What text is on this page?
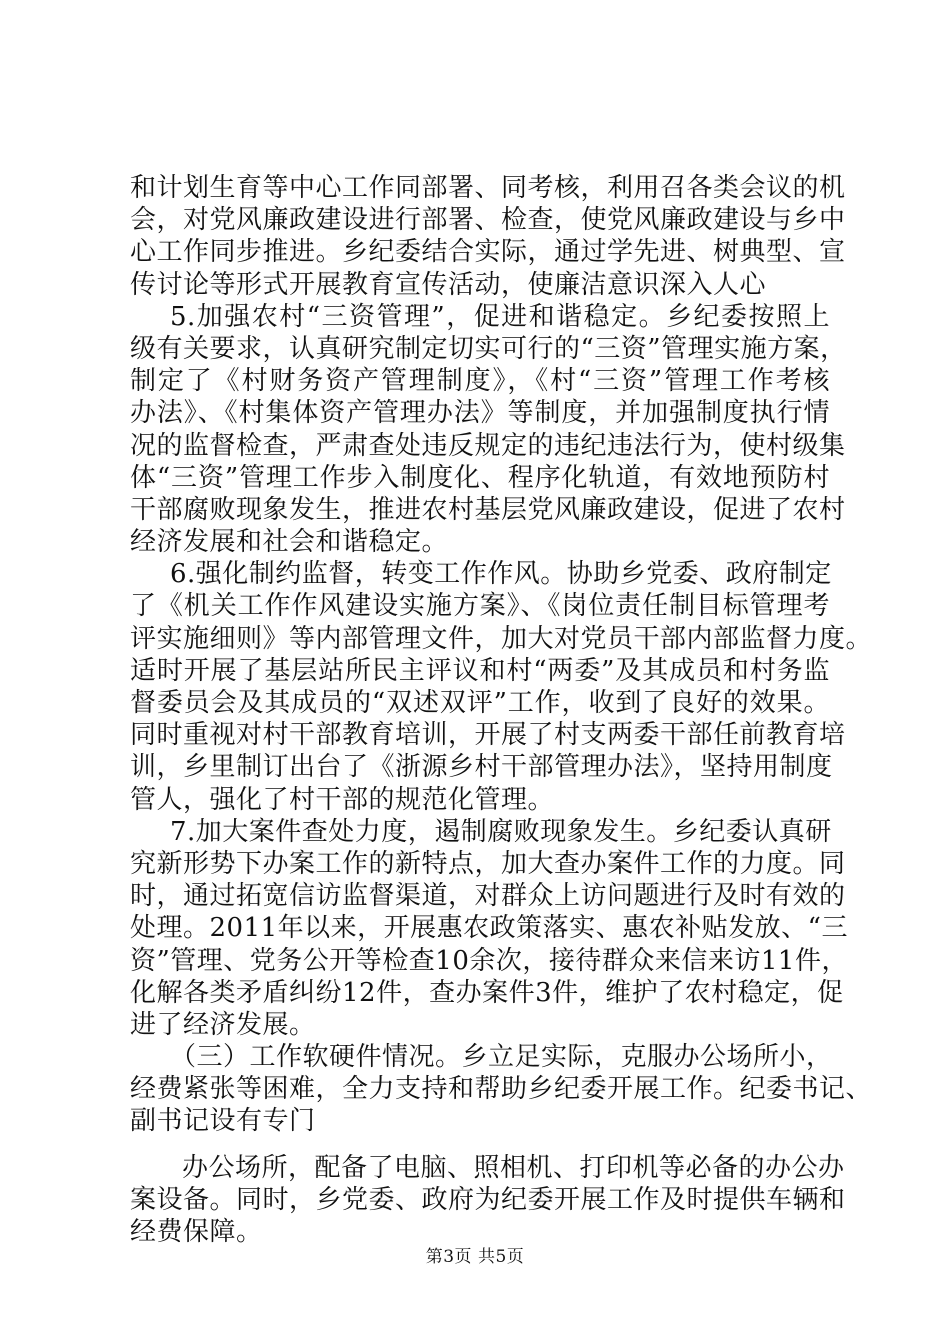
和计划生育等中心工作同部署、同考核，利用召各类会议的机
会，对党风廉政建设进行部署、检查，使党风廉政建设与乡中
心工作同步推进。乡纪委结合实际，通过学先进、树典型、宣
传讨论等形式开展教育宣传活动，使廉洁意识深入人心
5.加强农村“三资管理”，促进和谐稳定。乡纪委按照上
级有关要求，认真研究制定切实可行的“三资”管理实施方案，
制定了《村财务资产管理制度》，《村“三资”管理工作考核
办法》、《村集体资产管理办法》等制度，并加强制度执行情
况的监督检查，严肃查处违反规定的违纪违法行为，使村级集
体“三资”管理工作步入制度化、程序化轨道，有效地预防村
干部腐败现象发生，推进农村基层党风廉政建设，促进了农村
经济发展和社会和谐稳定。
6.强化制约监督，转变工作作风。协助乡党委、政府制定
了《机关工作作风建设实施方案》、《岗位责任制目标管理考
评实施细则》等内部管理文件，加大对党员干部内部监督力度。
适时开展了基层站所民主评议和村“两委”及其成员和村务监
督委员会及其成员的“双述双评”工作，收到了良好的效果。
同时重视对村干部教育培训，开展了村支两委干部任前教育培
训，乡里制订出台了《浙源乡村干部管理办法》，坚持用制度
管人，强化了村干部的规范化管理。
7.加大案件查处力度，遏制腐败现象发生。乡纪委认真研
究新形势下办案工作的新特点，加大查办案件工作的力度。同
时，通过拓宽信访监督渠道，对群众上访问题进行及时有效的
处理。2011年以来，开展惠农政策落实、惠农补贴发放、“三
资”管理、党务公开等检查10余次，接待群众来信来访11件，
化解各类矛盾纠纷12件，查办案件3件，维护了农村稳定，促
进了经济发展。
（三）工作软硬件情况。乡立足实际，克服办公场所小，
经费紧张等困难，全力支持和帮助乡纪委开展工作。纪委书记、
副书记设有专门
办公场所，配备了电脑、照相机、打印机等必备的办公办
案设备。同时，乡党委、政府为纪委开展工作及时提供车辆和
经费保障。
第3页 共5页
